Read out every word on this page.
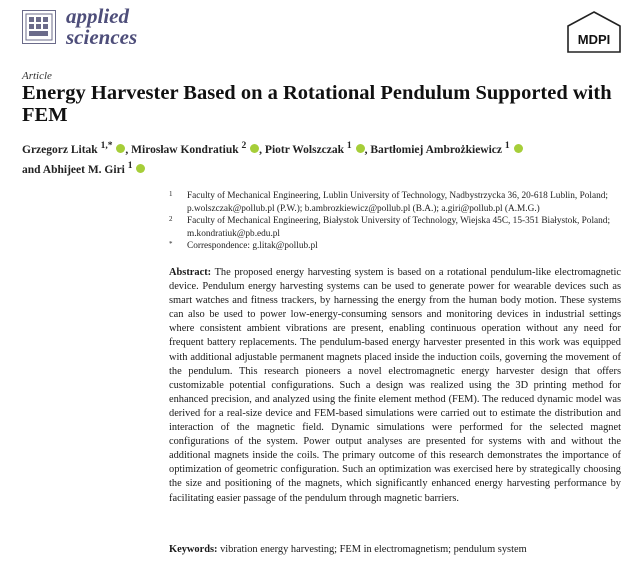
applied
sciences	MDPI
Article
Energy Harvester Based on a Rotational Pendulum Supported with FEM
Grzegorz Litak $^{1,*}$ , Mirosław Kondratiuk $^2$ , Piotr Wolszczak $^1$ , Bartłomiej Ambrożkiewicz $^1$
and Abhijeet M. Giri $^1$
1 Faculty of Mechanical Engineering, Lublin University of Technology, Nadbystrzycka 36, 20-618 Lublin, Poland; p.wolszczak@pollub.pl (P.W.); b.ambrozkiewicz@pollub.pl (B.A.); a.giri@pollub.pl (A.M.G.)
2 Faculty of Mechanical Engineering, Białystok University of Technology, Wiejska 45C, 15-351 Białystok, Poland; m.kondratiuk@pb.edu.pl
* Correspondence: g.litak@pollub.pl
Abstract: The proposed energy harvesting system is based on a rotational pendulum-like electromagnetic device. Pendulum energy harvesting systems can be used to generate power for wearable devices such as smart watches and fitness trackers, by harnessing the energy from the human body motion. These systems can also be used to power low-energy-consuming sensors and monitoring devices in industrial settings where consistent ambient vibrations are present, enabling continuous operation without any need for frequent battery replacements. The pendulum-based energy harvester presented in this work was equipped with additional adjustable permanent magnets placed inside the induction coils, governing the movement of the pendulum. This research pioneers a novel electromagnetic energy harvester design that offers customizable potential configurations. Such a design was realized using the 3D printing method for enhanced precision, and analyzed using the finite element method (FEM). The reduced dynamic model was derived for a real-size device and FEM-based simulations were carried out to estimate the distribution and interaction of the magnetic field. Dynamic simulations were performed for the selected magnet configurations of the system. Power output analyses are presented for systems with and without the additional magnets inside the coils. The primary outcome of this research demonstrates the importance of optimization of geometric configuration. Such an optimization was exercised here by strategically choosing the size and positioning of the magnets, which significantly enhanced energy harvesting performance by facilitating easier passage of the pendulum through magnetic barriers.
Keywords: vibration energy harvesting; FEM in electromagnetism; pendulum system
